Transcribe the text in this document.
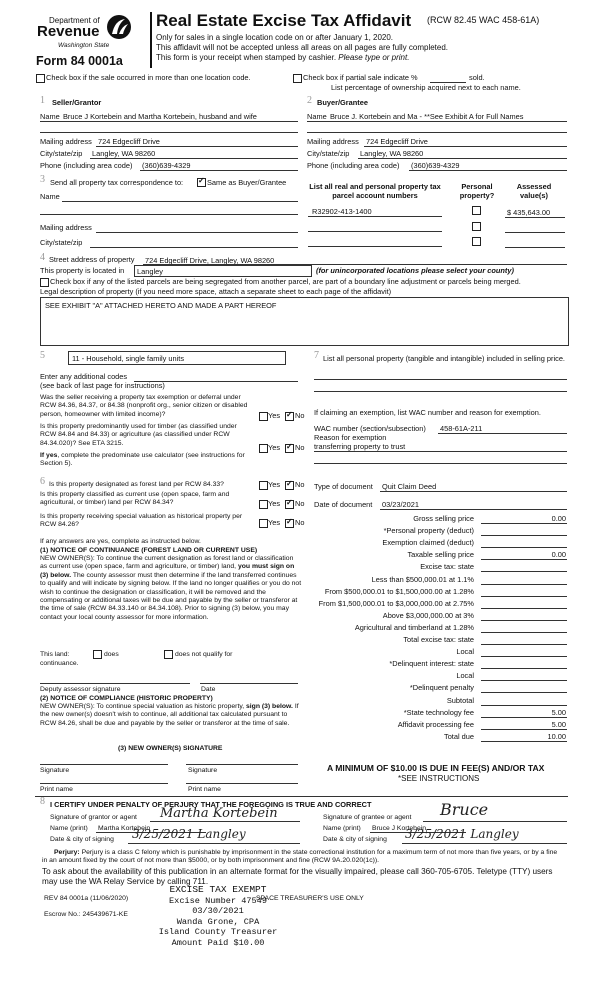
Department of
Revenue
Washington State
Form 84 0001a
Real Estate Excise Tax Affidavit (RCW 82.45 WAC 458-61A)
Only for sales in a single location code on or after January 1, 2020.
This affidavit will not be accepted unless all areas on all pages are fully completed.
This form is your receipt when stamped by cashier. Please type or print.
Check box if the sale occurred in more than one location code.	Check box if partial sale indicate %	sold.
List percentage of ownership acquired next to each name.
1 Seller/Grantor
Name Bruce J Kortebein and Martha Kortebein, husband and wife
Mailing address 724 Edgecliff Drive
City/state/zip Langley, WA 98260
Phone (including area code) (360)639-4329
2 Buyer/Grantee
Name Bruce J. Kortebein and Ma - **See Exhibit A for Full Names
Mailing address 724 Edgecliff Drive
City/state/zip Langley, WA 98260
Phone (including area code) (360)639-4329
3 Send all property tax correspondence to: ✓	Same as Buyer/Grantee
Name
Mailing address
City/state/zip
List all real and personal property tax parcel account numbers
Personal property?
Assessed value(s)
R32902-413-1400	$ 435,643.00
4 Street address of property 724 Edgecliff Drive, Langley, WA 98260
This property is located in Langley	(for unincorporated locations please select your county)
Check box if any of the listed parcels are being segregated from another parcel, are part of a boundary line adjustment or parcels being merged.
Legal description of property (if you need more space, attach a separate sheet to each page of the affidavit)
SEE EXHIBIT "A" ATTACHED HERETO AND MADE A PART HEREOF
5	11 - Household, single family units
Enter any additional codes
(see back of last page for instructions)
Was the seller receiving a property tax exemption or deferral under RCW 84.36, 84.37, or 84.38 (nonprofit org., senior citizen or disabled person, homeowner with limited income)?	Yes ✓ No
Is this property predominantly used for timber (as classified under RCW 84.84 and 84.33) or agriculture (as classified under RCW 84.34.020)? See ETA 3215.	Yes ✓ No
If yes, complete the predominate use calculator (see instructions for Section 5).
6 Is this property designated as forest land per RCW 84.33?	Yes ✓ No
Is this property classified as current use (open space, farm and agricultural, or timber) land per RCW 84.34?	Yes ✓ No
Is this property receiving special valuation as historical property per RCW 84.26?	Yes ✓ No
If any answers are yes, complete as instructed below.
(1) NOTICE OF CONTINUANCE (FOREST LAND OR CURRENT USE)
NEW OWNER(S): To continue the current designation as forest land or classification as current use (open space, farm and agriculture, or timber) land, you must sign on (3) below. The county assessor must then determine if the land transferred continues to qualify and will indicate by signing below. If the land no longer qualifies or you do not wish to continue the designation or classification, it will be removed and the compensating or additional taxes will be due and payable by the seller or transferor at the time of sale (RCW 84.33.140 or 84.34.108). Prior to signing (3) below, you may contact your local county assessor for more information.
This land:	does	does not qualify for
continuance.
Deputy assessor signature	Date
(2) NOTICE OF COMPLIANCE (HISTORIC PROPERTY)
NEW OWNER(S): To continue special valuation as historic property, sign (3) below. If the new owner(s) doesn't wish to continue, all additional tax calculated pursuant to RCW 84.26, shall be due and payable by the seller or transferor at the time of sale.
(3) NEW OWNER(S) SIGNATURE
Signature	Signature
Print name	Print name
7 List all personal property (tangible and intangible) included in selling price.
If claiming an exemption, list WAC number and reason for exemption.
WAC number (section/subsection) 458-61A-211
Reason for exemption
transferring property to trust
Type of document Quit Claim Deed
Date of document 03/23/2021
Gross selling price	0.00
*Personal property (deduct)
Exemption claimed (deduct)
Taxable selling price	0.00
Excise tax: state
Less than $500,000.01 at 1.1%
From $500,000.01 to $1,500,000.00 at 1.28%
From $1,500,000.01 to $3,000,000.00 at 2.75%
Above $3,000,000.00 at 3%
Agricultural and timberland at 1.28%
Total excise tax: state
Local
*Delinquent interest: state
Local
*Delinquent penalty
Subtotal
*State technology fee	5.00
Affidavit processing fee	5.00
Total due	10.00
A MINIMUM OF $10.00 IS DUE IN FEE(S) AND/OR TAX
*SEE INSTRUCTIONS
8 I CERTIFY UNDER PENALTY OF PERJURY THAT THE FOREGOING IS TRUE AND CORRECT
Signature of grantor or agent Martha Kortebein
Name (print) Martha Kortebein
Date & city of signing 3/25/2021 Langley
Signature of grantee or agent Bruce
Name (print) Bruce J Kortebein
Date & city of signing 3/25/2021 Langley
Perjury: Perjury is a class C felony which is punishable by imprisonment in the state correctional institution for a maximum term of not more than five years, or by a fine in an amount fixed by the court of not more than $5000, or by both imprisonment and fine (RCW 9A.20.020(1c)).
To ask about the availability of this publication in an alternate format for the visually impaired, please call 360-705-6705. Teletype (TTY) users may use the WA Relay Service by calling 711.
REV 84 0001a (11/06/2020)
Escrow No.: 245439671-KE
SPACE TREASURER'S USE ONLY
EXCISE TAX EXEMPT
Excise Number 47549
03/30/2021
Wanda Grone, CPA
Island County Treasurer
Amount Paid $10.00
